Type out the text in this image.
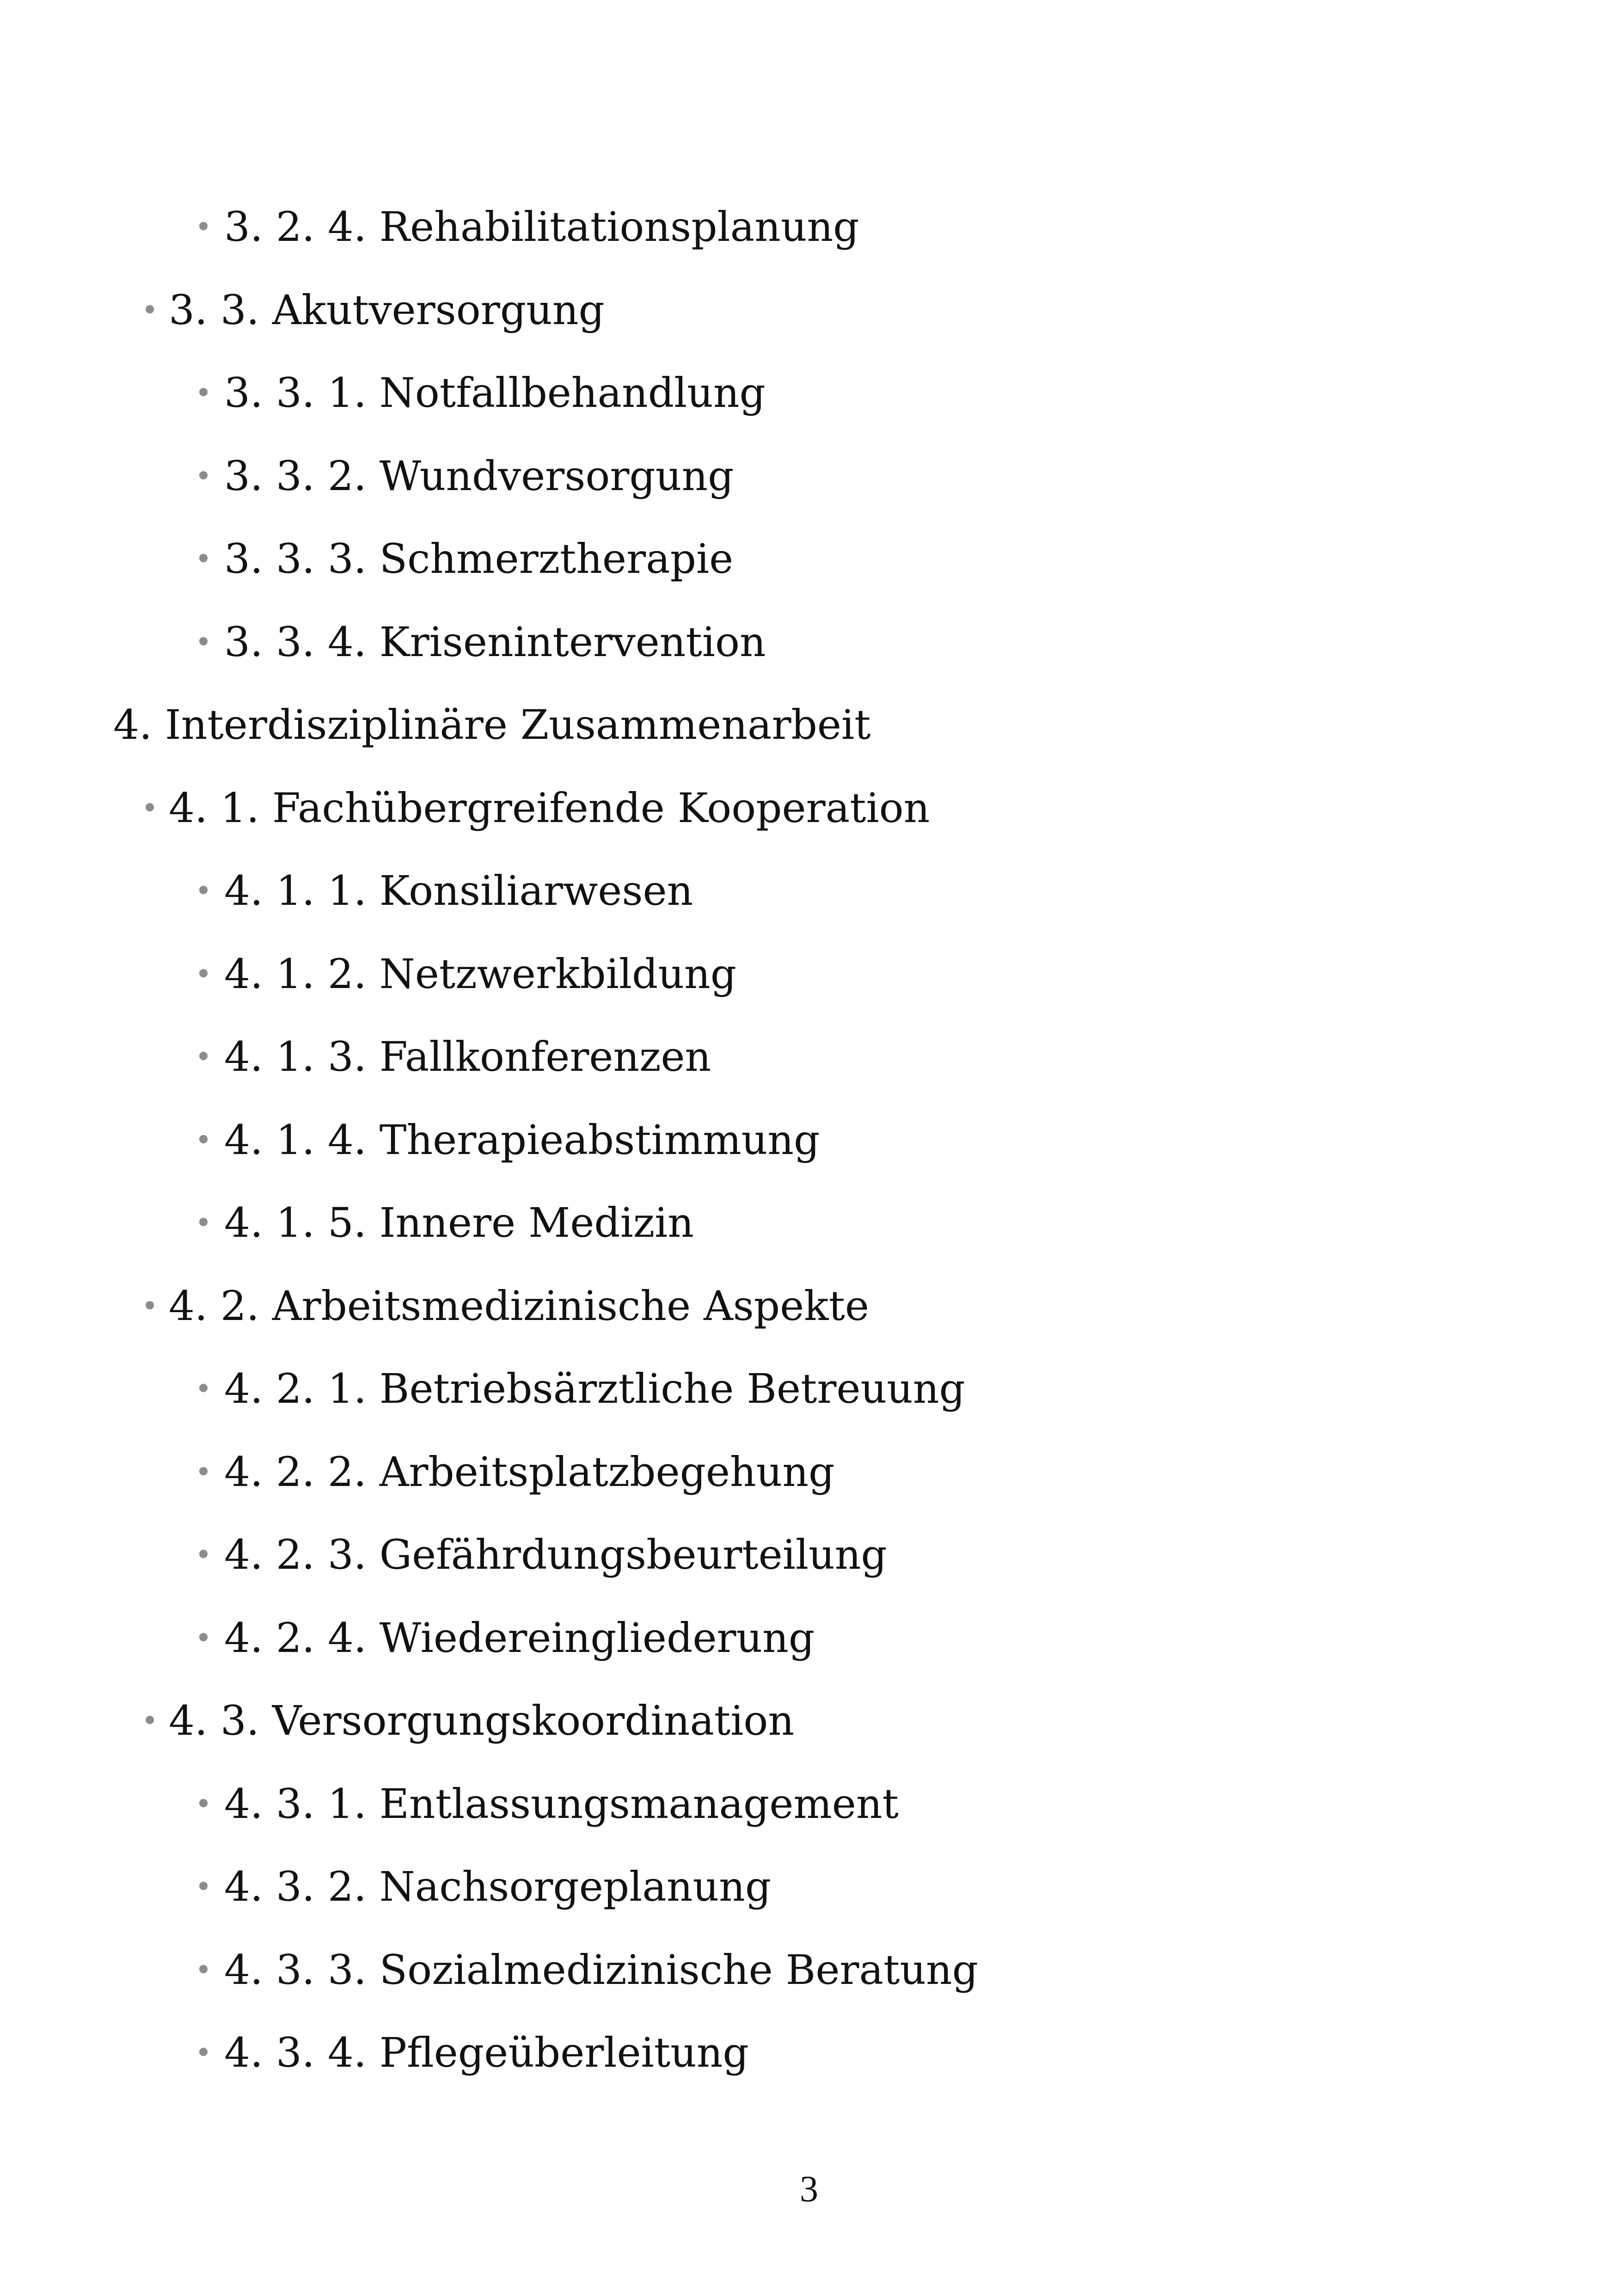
• 3. 2. 4. Rehabilitationsplanung
• 3. 3. Akutversorgung
• 3. 3. 1. Notfallbehandlung
• 3. 3. 2. Wundversorgung
• 3. 3. 3. Schmerztherapie
• 3. 3. 4. Krisenintervention
4. Interdisziplinäre Zusammenarbeit
• 4. 1. Fachübergreifende Kooperation
• 4. 1. 1. Konsiliarwesen
• 4. 1. 2. Netzwerkbildung
• 4. 1. 3. Fallkonferenzen
• 4. 1. 4. Therapieabstimmung
• 4. 1. 5. Innere Medizin
• 4. 2. Arbeitsmedizinische Aspekte
• 4. 2. 1. Betriebsärztliche Betreuung
• 4. 2. 2. Arbeitsplatzbegehung
• 4. 2. 3. Gefährdungsbeurteilung
• 4. 2. 4. Wiedereingliederung
• 4. 3. Versorgungskoordination
• 4. 3. 1. Entlassungsmanagement
• 4. 3. 2. Nachsorgeplanung
• 4. 3. 3. Sozialmedizinische Beratung
• 4. 3. 4. Pflegeüberleitung
3
